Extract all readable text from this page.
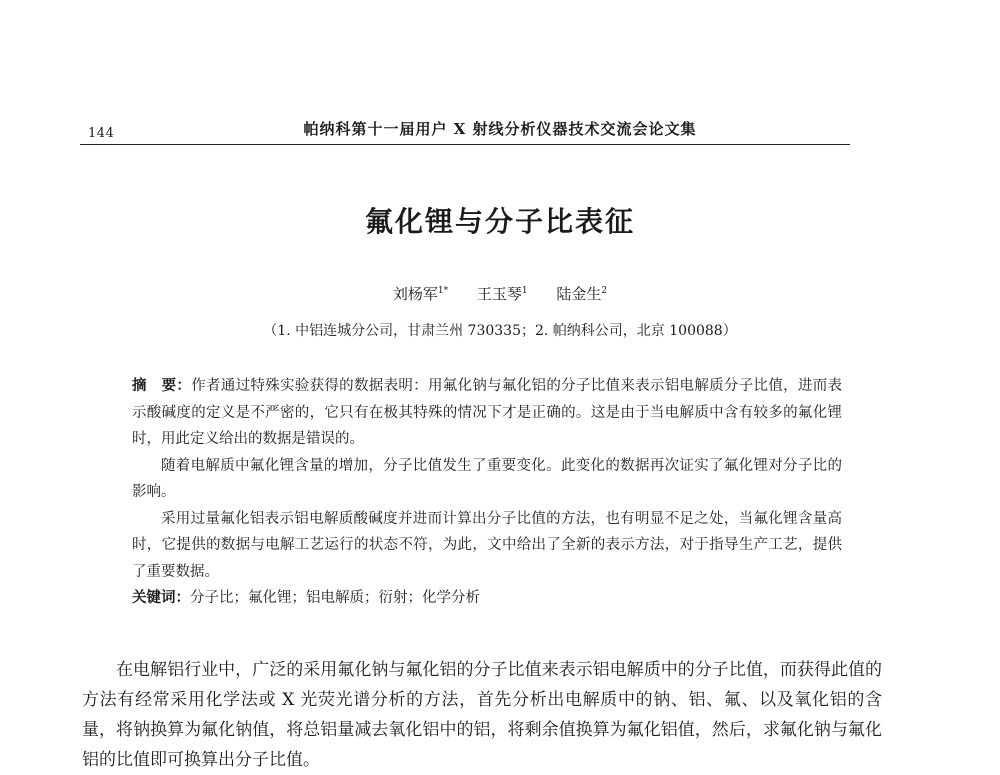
144	帕纳科第十一届用户 X 射线分析仪器技术交流会论文集
氟化锂与分子比表征
刘杨军$^{1*}$ 王玉琴$^1$ 陆金生$^2$
（1. 中铝连城分公司，甘肃兰州 730335；2. 帕纳科公司，北京 100088）

摘　要：作者通过特殊实验获得的数据表明：用氟化钠与氟化铝的分子比值来表示铝电解质分子比值，进而表示酸碱度的定义是不严密的，它只有在极其特殊的情况下才是正确的。这是由于当电解质中含有较多的氟化锂时，用此定义给出的数据是错误的。

随着电解质中氟化锂含量的增加，分子比值发生了重要变化。此变化的数据再次证实了氟化锂对分子比的影响。

采用过量氟化铝表示铝电解质酸碱度并进而计算出分子比值的方法，也有明显不足之处，当氟化锂含量高时，它提供的数据与电解工艺运行的状态不符，为此，文中给出了全新的表示方法，对于指导生产工艺，提供了重要数据。

关键词：分子比；氟化锂；铝电解质；衍射；化学分析

在电解铝行业中，广泛的采用氟化钠与氟化铝的分子比值来表示铝电解质中的分子比值，而获得此值的方法有经常采用化学法或 X 光荧光谱分析的方法，首先分析出电解质中的钠、铝、氟、以及氧化铝的含量，将钠换算为氟化钠值，将总铝量减去氧化铝中的铝，将剩余值换算为氟化铝值，然后，求氟化钠与氟化铝的比值即可换算出分子比值。
